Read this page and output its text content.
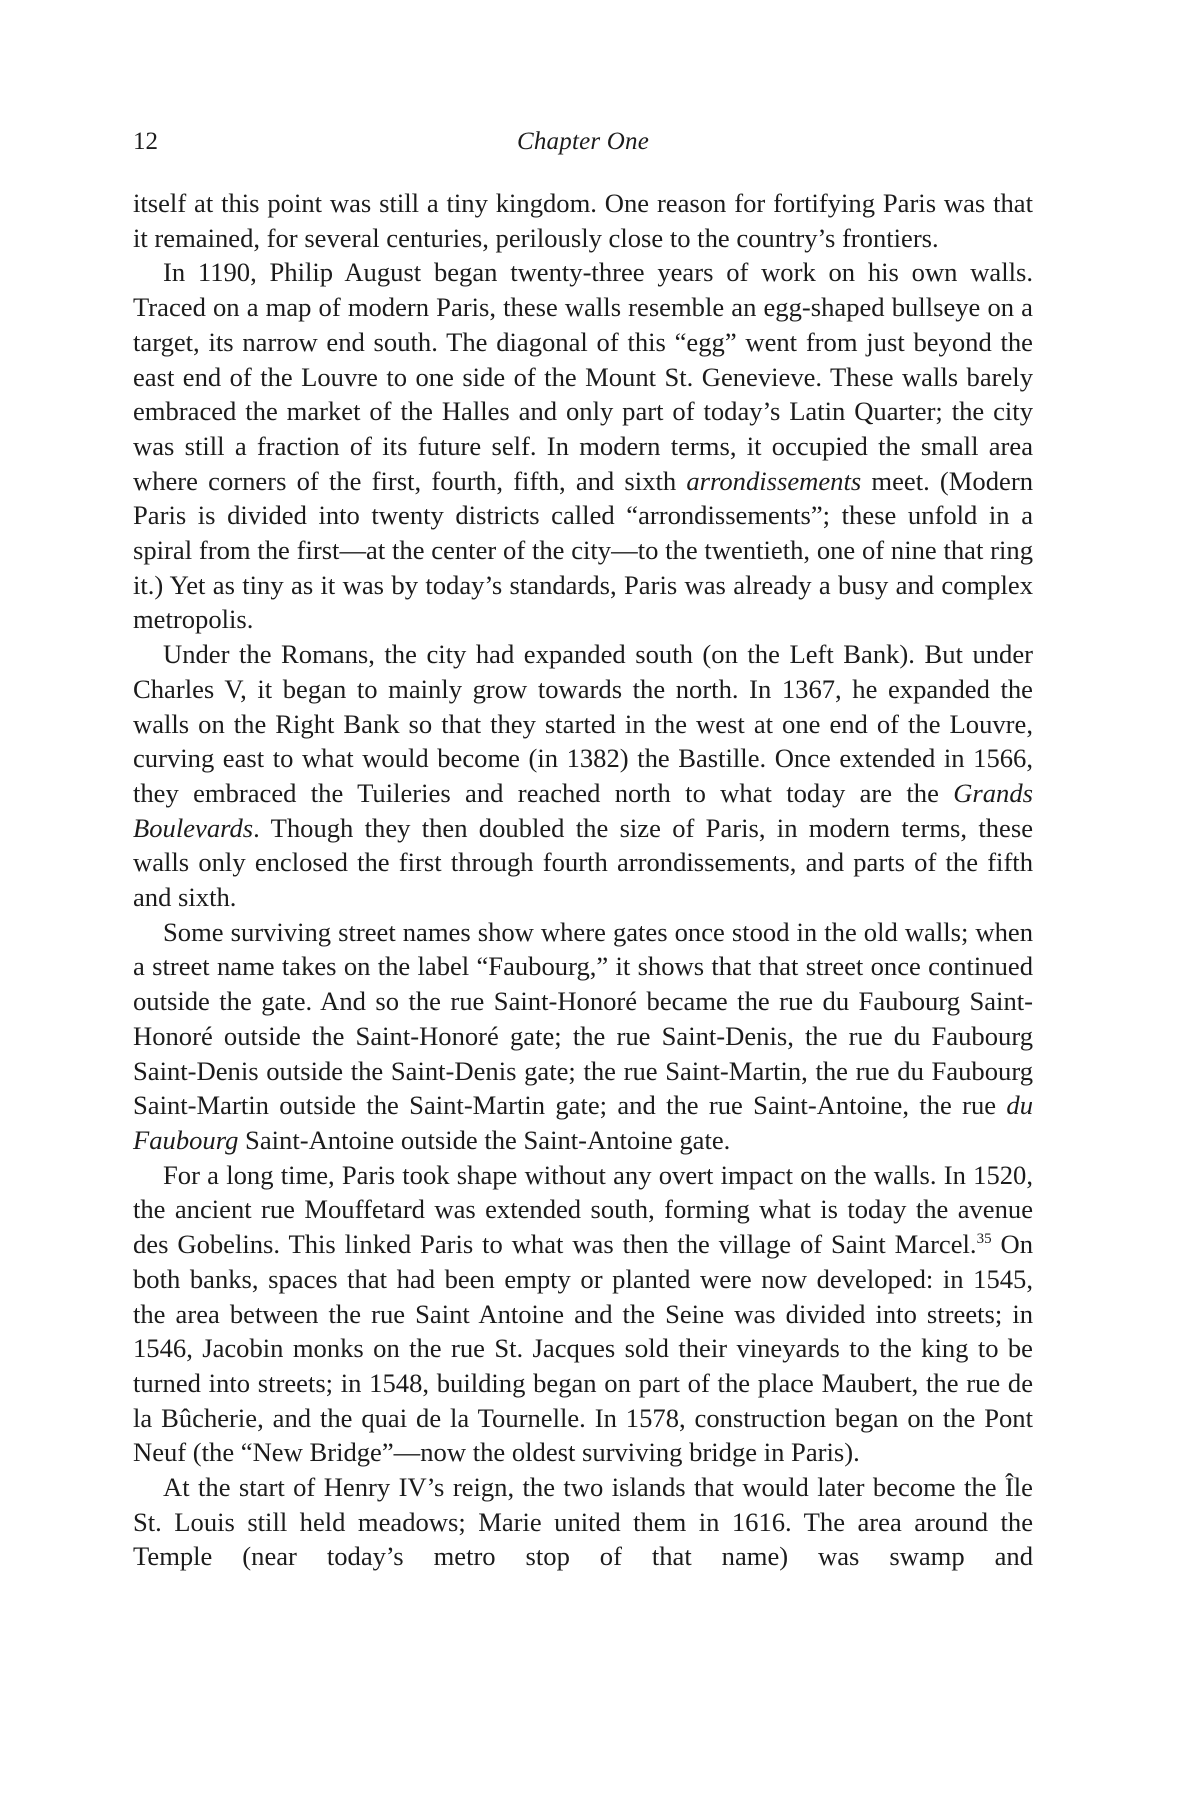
12	Chapter One

itself at this point was still a tiny kingdom. One reason for fortifying Paris was that it remained, for several centuries, perilously close to the country’s frontiers.

In 1190, Philip August began twenty-three years of work on his own walls. Traced on a map of modern Paris, these walls resemble an egg-shaped bullseye on a target, its narrow end south. The diagonal of this “egg” went from just beyond the east end of the Louvre to one side of the Mount St. Genevieve. These walls barely embraced the market of the Halles and only part of today’s Latin Quarter; the city was still a fraction of its future self. In modern terms, it occupied the small area where corners of the first, fourth, fifth, and sixth arrondissements meet. (Modern Paris is divided into twenty districts called “arrondissements”; these unfold in a spiral from the first—at the center of the city—to the twentieth, one of nine that ring it.) Yet as tiny as it was by today’s standards, Paris was already a busy and complex metropolis.

Under the Romans, the city had expanded south (on the Left Bank). But under Charles V, it began to mainly grow towards the north. In 1367, he expanded the walls on the Right Bank so that they started in the west at one end of the Louvre, curving east to what would become (in 1382) the Bastille. Once extended in 1566, they embraced the Tuileries and reached north to what today are the Grands Boulevards. Though they then doubled the size of Paris, in modern terms, these walls only enclosed the first through fourth arrondissements, and parts of the fifth and sixth.

Some surviving street names show where gates once stood in the old walls; when a street name takes on the label “Faubourg,” it shows that that street once continued outside the gate. And so the rue Saint-Honoré became the rue du Faubourg Saint-Honoré outside the Saint-Honoré gate; the rue Saint-Denis, the rue du Faubourg Saint-Denis outside the Saint-Denis gate; the rue Saint-Martin, the rue du Faubourg Saint-Martin outside the Saint-Martin gate; and the rue Saint-Antoine, the rue du Faubourg Saint-Antoine outside the Saint-Antoine gate.

For a long time, Paris took shape without any overt impact on the walls. In 1520, the ancient rue Mouffetard was extended south, forming what is today the avenue des Gobelins. This linked Paris to what was then the village of Saint Marcel.$^{35}$ On both banks, spaces that had been empty or planted were now developed: in 1545, the area between the rue Saint Antoine and the Seine was divided into streets; in 1546, Jacobin monks on the rue St. Jacques sold their vineyards to the king to be turned into streets; in 1548, building began on part of the place Maubert, the rue de la Bûcherie, and the quai de la Tournelle. In 1578, construction began on the Pont Neuf (the “New Bridge”—now the oldest surviving bridge in Paris).

At the start of Henry IV’s reign, the two islands that would later become the Île St. Louis still held meadows; Marie united them in 1616. The area around the Temple (near today’s metro stop of that name) was swamp and
